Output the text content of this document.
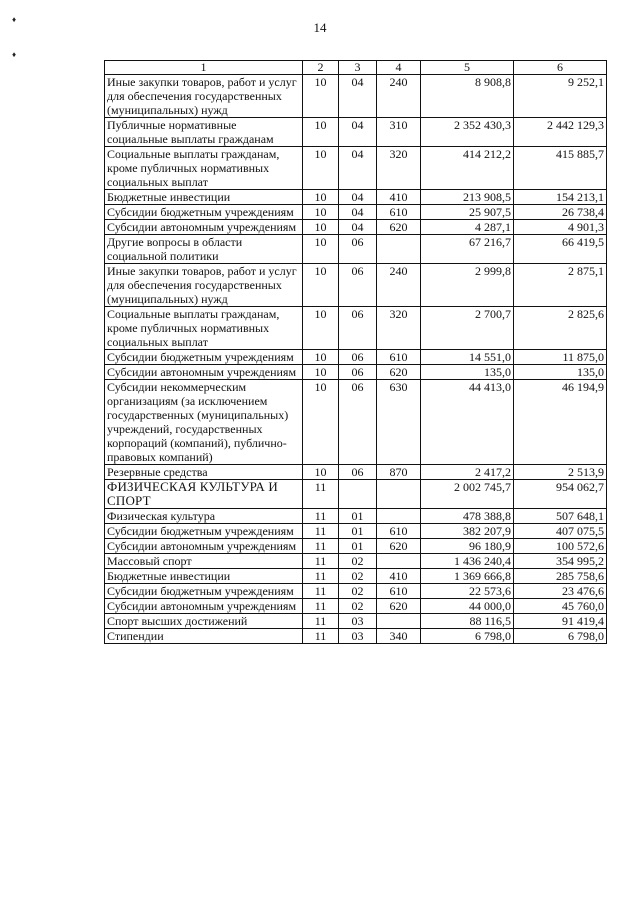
♦
♦
14
1	2	3	4	5	6
Иные закупки товаров, работ и услуг для обеспечения государственных (муниципальных) нужд	10	04	240	8 908,8	9 252,1
Публичные нормативные социальные выплаты гражданам	10	04	310	2 352 430,3	2 442 129,3
Социальные выплаты гражданам, кроме публичных нормативных социальных выплат	10	04	320	414 212,2	415 885,7
Бюджетные инвестиции	10	04	410	213 908,5	154 213,1
Субсидии бюджетным учреждениям	10	04	610	25 907,5	26 738,4
Субсидии автономным учреждениям	10	04	620	4 287,1	4 901,3
Другие вопросы в области социальной политики	10	06		67 216,7	66 419,5
Иные закупки товаров, работ и услуг для обеспечения государственных (муниципальных) нужд	10	06	240	2 999,8	2 875,1
Социальные выплаты гражданам, кроме публичных нормативных социальных выплат	10	06	320	2 700,7	2 825,6
Субсидии бюджетным учреждениям	10	06	610	14 551,0	11 875,0
Субсидии автономным учреждениям	10	06	620	135,0	135,0
Субсидии некоммерческим организациям (за исключением государственных (муниципальных) учреждений, государственных корпораций (компаний), публично-правовых компаний)	10	06	630	44 413,0	46 194,9
Резервные средства	10	06	870	2 417,2	2 513,9
ФИЗИЧЕСКАЯ КУЛЬТУРА И СПОРТ	11			2 002 745,7	954 062,7
Физическая культура	11	01		478 388,8	507 648,1
Субсидии бюджетным учреждениям	11	01	610	382 207,9	407 075,5
Субсидии автономным учреждениям	11	01	620	96 180,9	100 572,6
Массовый спорт	11	02		1 436 240,4	354 995,2
Бюджетные инвестиции	11	02	410	1 369 666,8	285 758,6
Субсидии бюджетным учреждениям	11	02	610	22 573,6	23 476,6
Субсидии автономным учреждениям	11	02	620	44 000,0	45 760,0
Спорт высших достижений	11	03		88 116,5	91 419,4
Стипендии	11	03	340	6 798,0	6 798,0
